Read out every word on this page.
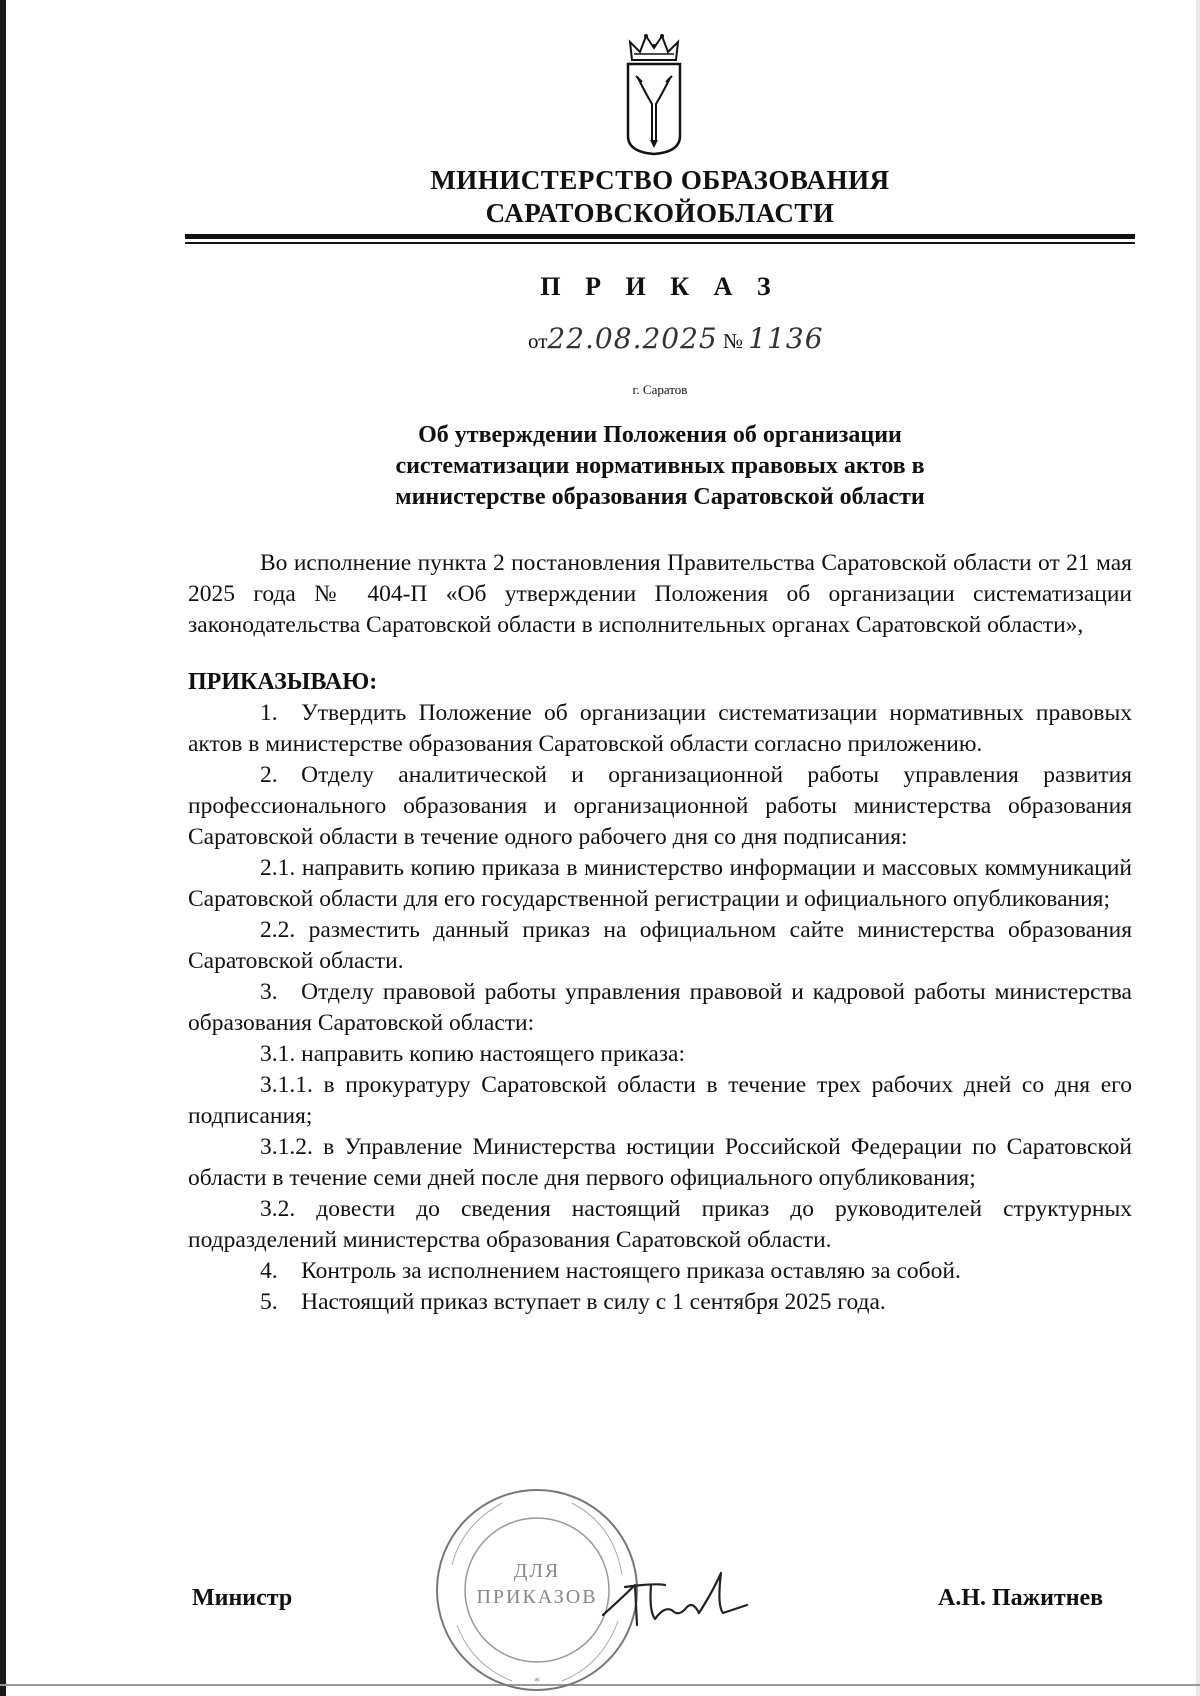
МИНИСТЕРСТВО ОБРАЗОВАНИЯ
САРАТОВСКОЙОБЛАСТИ
П Р И К А З
от22.08.2025 № 1136
г. Саратов
Об утверждении Положения об организации
систематизации нормативных правовых актов в
министерстве образования Саратовской области

Во исполнение пункта 2 постановления Правительства Саратовской области от 21 мая 2025 года № 404-П «Об утверждении Положения об организации систематизации законодательства Саратовской области в исполнительных органах Саратовской области»,

ПРИКАЗЫВАЮ:

1. Утвердить Положение об организации систематизации нормативных правовых актов в министерстве образования Саратовской области согласно приложению.

2. Отделу аналитической и организационной работы управления развития профессионального образования и организационной работы министерства образования Саратовской области в течение одного рабочего дня со дня подписания:

2.1. направить копию приказа в министерство информации и массовых коммуникаций Саратовской области для его государственной регистрации и официального опубликования;

2.2. разместить данный приказ на официальном сайте министерства образования Саратовской области.

3. Отделу правовой работы управления правовой и кадровой работы министерства образования Саратовской области:

3.1. направить копию настоящего приказа:

3.1.1. в прокуратуру Саратовской области в течение трех рабочих дней со дня его подписания;

3.1.2. в Управление Министерства юстиции Российской Федерации по Саратовской области в течение семи дней после дня первого официального опубликования;

3.2. довести до сведения настоящий приказ до руководителей структурных подразделений министерства образования Саратовской области.

4. Контроль за исполнением настоящего приказа оставляю за собой.

5. Настоящий приказ вступает в силу с 1 сентября 2025 года.

ДЛЯ
ПРИКАЗОВ
*
Министр	А.Н. Пажитнев
